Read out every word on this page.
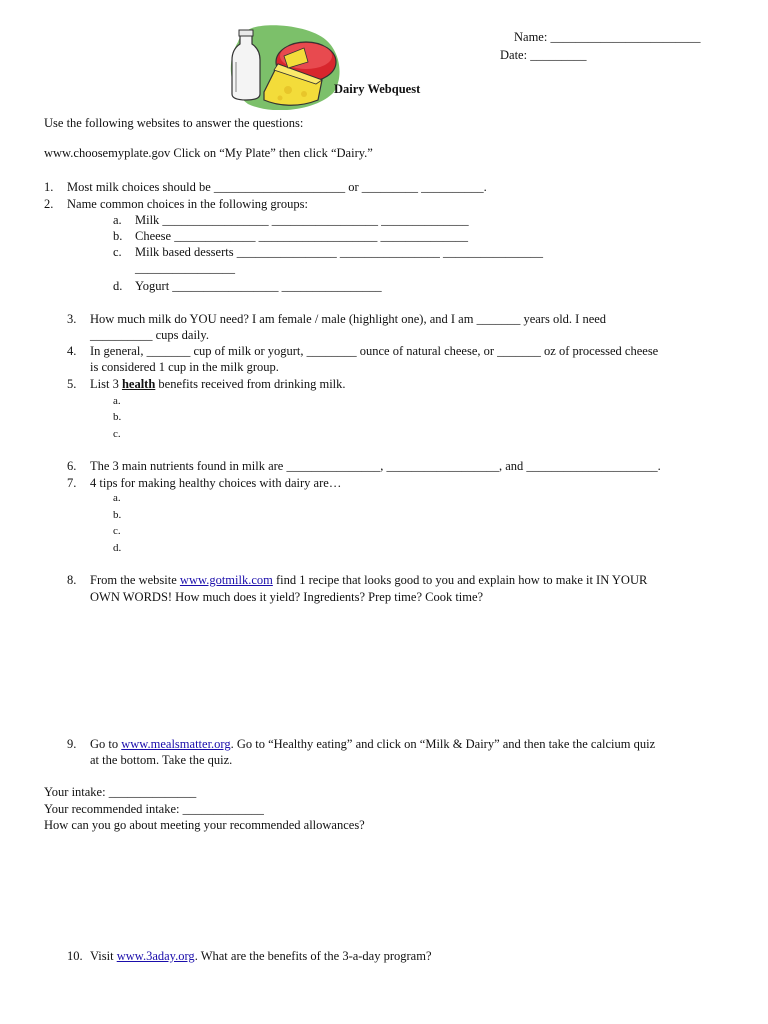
Dairy Webquest
Name: ________________________
Date: _________
Use the following websites to answer the questions:
www.choosemyplate.gov Click on “My Plate” then click “Dairy.”
1. Most milk choices should be _____________________ or _________ __________.
2. Name common choices in the following groups:
a. Milk _________________ _________________ ______________
b. Cheese _____________ ___________________ ______________
c. Milk based desserts ________________ ________________ ________________
________________
d. Yogurt _________________ ________________
3. How much milk do YOU need? I am female / male (highlight one), and I am _______ years old. I need
__________ cups daily.
4. In general, _______ cup of milk or yogurt, ________ ounce of natural cheese, or _______ oz of processed cheese
is considered 1 cup in the milk group.
5. List 3 health benefits received from drinking milk.
a.
b.
c.
6. The 3 main nutrients found in milk are _______________, __________________, and _____________________.
7. 4 tips for making healthy choices with dairy are…
a.
b.
c.
d.
8. From the website www.gotmilk.com find 1 recipe that looks good to you and explain how to make it IN YOUR
OWN WORDS! How much does it yield? Ingredients? Prep time? Cook time?
9. Go to www.mealsmatter.org. Go to “Healthy eating” and click on “Milk & Dairy” and then take the calcium quiz
at the bottom. Take the quiz.
Your intake: ______________
Your recommended intake: _____________
How can you go about meeting your recommended allowances?
10. Visit www.3aday.org. What are the benefits of the 3-a-day program?
